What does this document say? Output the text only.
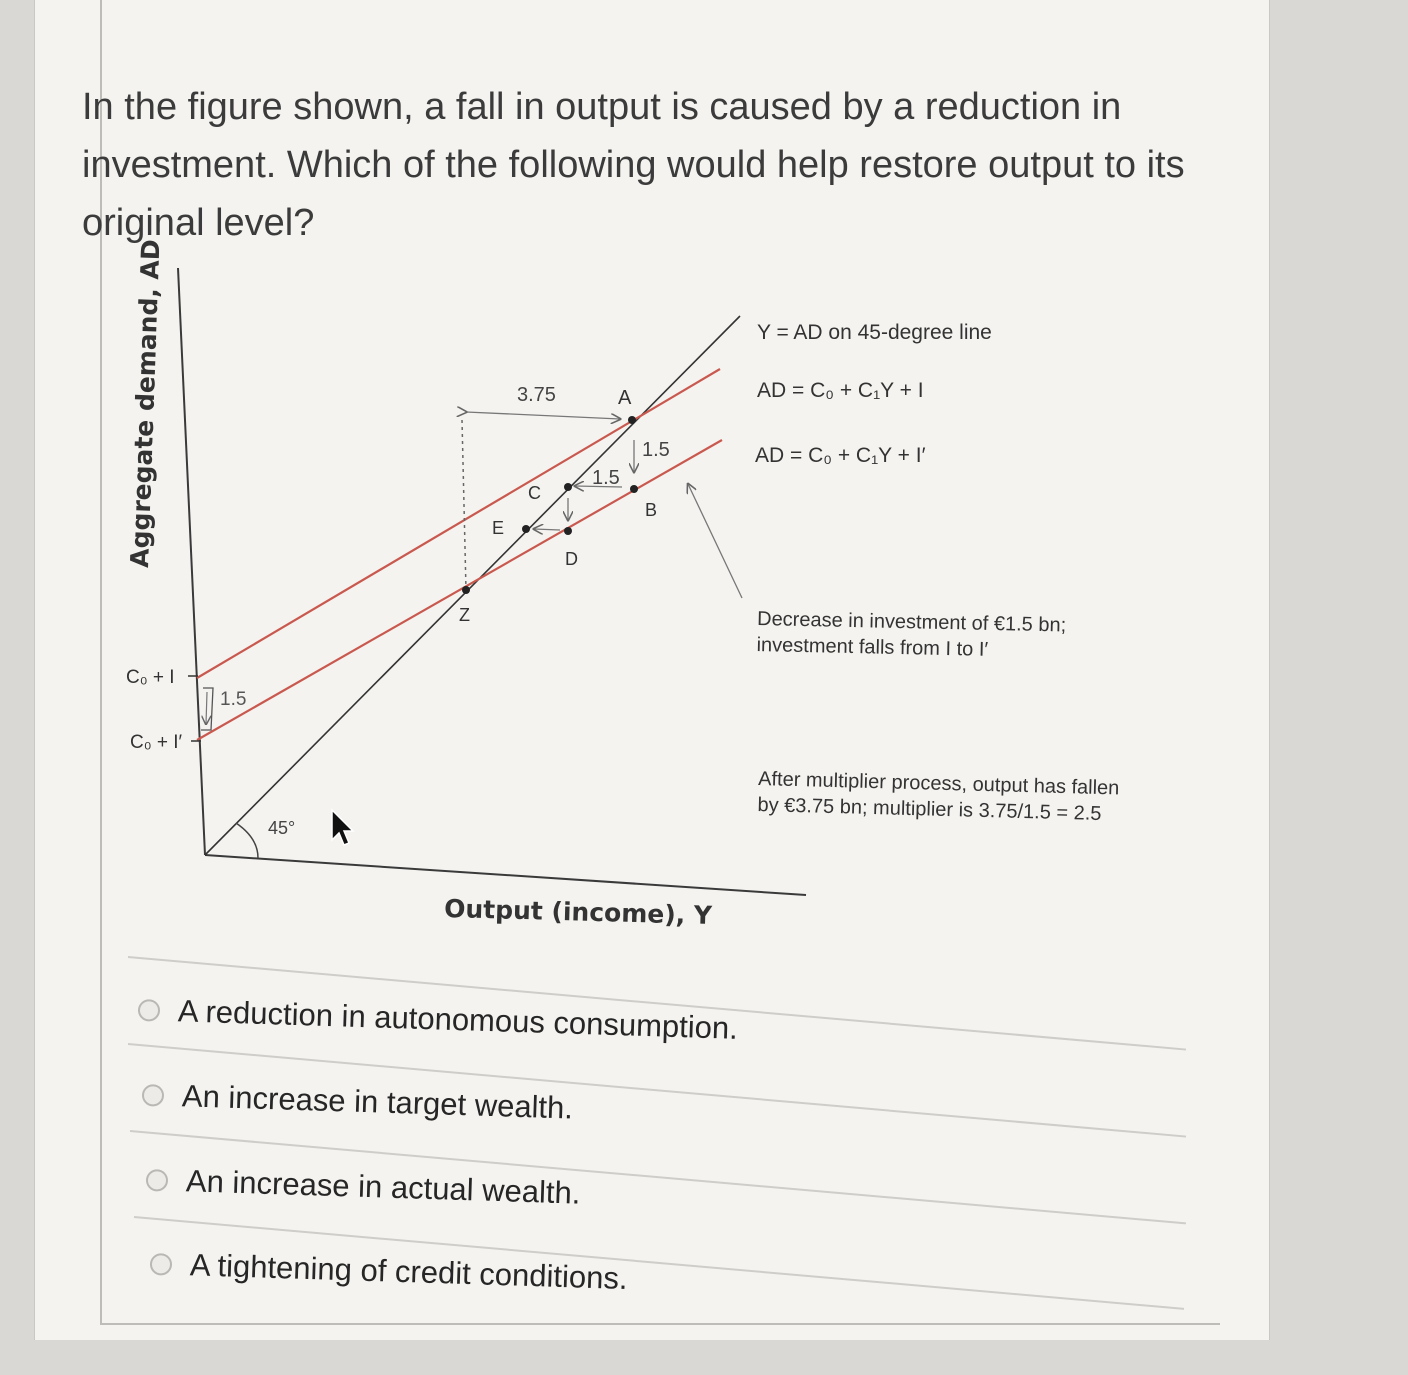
In the figure shown, a fall in output is caused by a reduction in investment. Which of the following would help restore output to its original level?
Aggregate demand, AD
Output (income), Y
C₀ + I
C₀ + I′
1.5
45°
3.75
1.5
1.5
A
B
C
D
E
Z
Y = AD on 45-degree line
AD = C₀ + C₁Y + I
AD = C₀ + C₁Y + I′
Decrease in investment of €1.5 bn;
investment falls from I to I′
After multiplier process, output has fallen
by €3.75 bn; multiplier is 3.75/1.5 = 2.5
A reduction in autonomous consumption.
An increase in target wealth.
An increase in actual wealth.
A tightening of credit conditions.
